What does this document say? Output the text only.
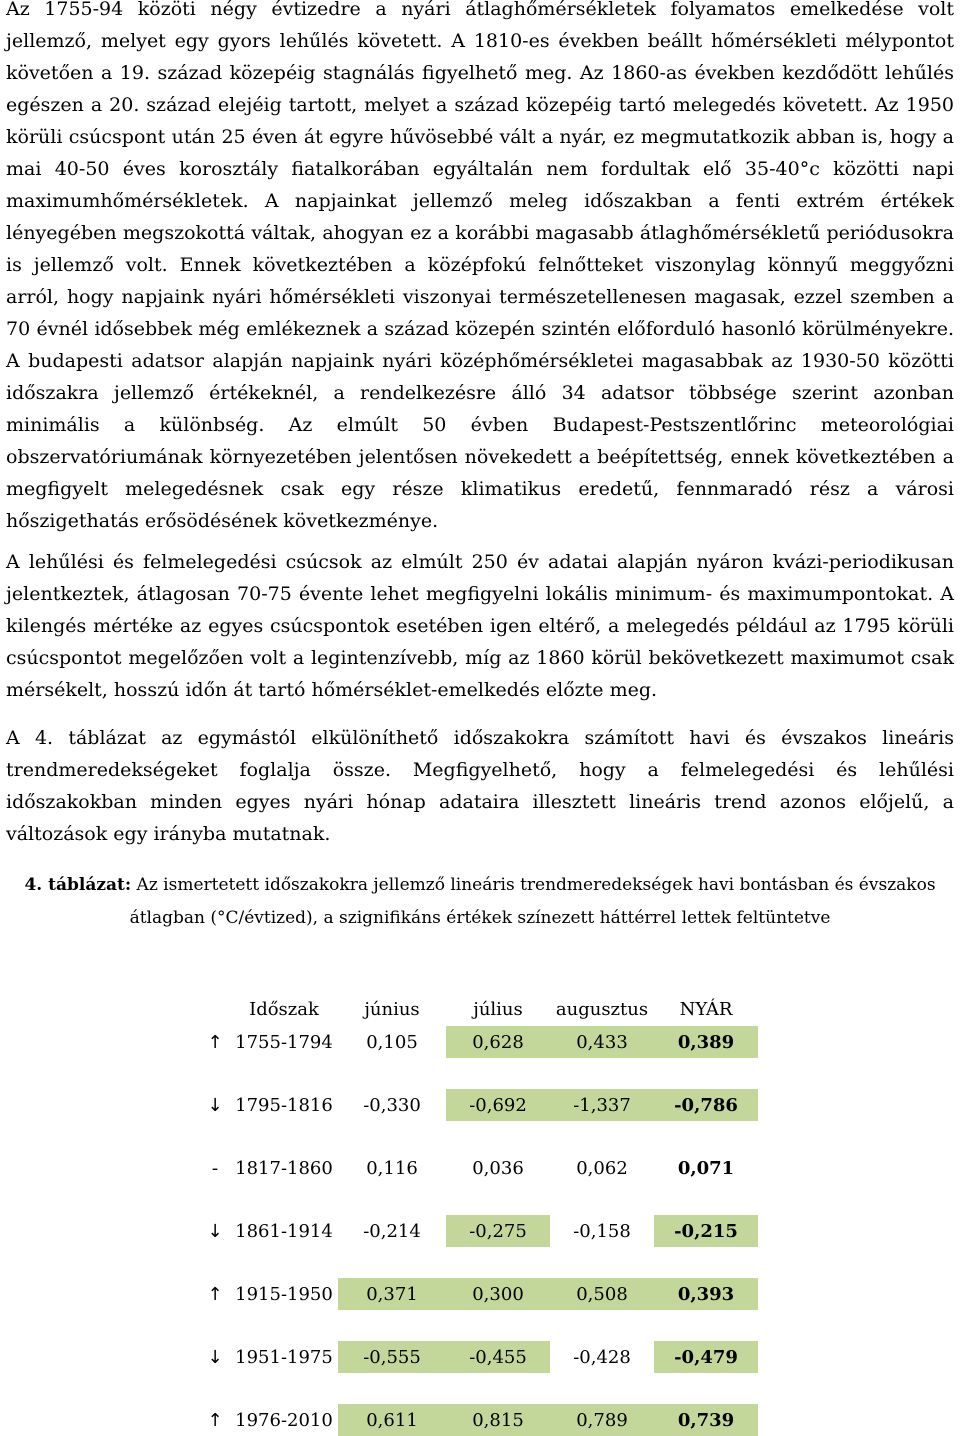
Az 1755-94 közöti négy évtizedre a nyári átlaghőmérsékletek folyamatos emelkedése volt jellemző, melyet egy gyors lehűlés követett. A 1810-es években beállt hőmérsékleti mélypontot követően a 19. század közepéig stagnálás figyelhető meg. Az 1860-as években kezdődött lehűlés egészen a 20. század elejéig tartott, melyet a század közepéig tartó melegedés követett. Az 1950 körüli csúcspont után 25 éven át egyre hűvösebbé vált a nyár, ez megmutatkozik abban is, hogy a mai 40-50 éves korosztály fiatalkorában egyáltalán nem fordultak elő 35-40°c közötti napi maximumhőmérsékletek. A napjainkat jellemző meleg időszakban a fenti extrém értékek lényegében megszokottá váltak, ahogyan ez a korábbi magasabb átlaghőmérsékletű periódusokra is jellemző volt. Ennek következtében a középfokú felnőtteket viszonylag könnyű meggyőzni arról, hogy napjaink nyári hőmérsékleti viszonyai természetellenesen magasak, ezzel szemben a 70 évnél idősebbek még emlékeznek a század közepén szintén előforduló hasonló körülményekre. A budapesti adatsor alapján napjaink nyári középhőmérsékletei magasabbak az 1930-50 közötti időszakra jellemző értékeknél, a rendelkezésre álló 34 adatsor többsége szerint azonban minimális a különbség. Az elmúlt 50 évben Budapest-Pestszentlőrinc meteorológiai obszervatóriumának környezetében jelentősen növekedett a beépítettség, ennek következtében a megfigyelt melegedésnek csak egy része klimatikus eredetű, fennmaradó rész a városi hőszigethatás erősödésének következménye.

A lehűlési és felmelegedési csúcsok az elmúlt 250 év adatai alapján nyáron kvázi-periodikusan jelentkeztek, átlagosan 70-75 évente lehet megfigyelni lokális minimum- és maximumpontokat. A kilengés mértéke az egyes csúcspontok esetében igen eltérő, a melegedés például az 1795 körüli csúcspontot megelőzően volt a legintenzívebb, míg az 1860 körül bekövetkezett maximumot csak mérsékelt, hosszú időn át tartó hőmérséklet-emelkedés előzte meg.

A 4. táblázat az egymástól elkülöníthető időszakokra számított havi és évszakos lineáris trendmeredekségeket foglalja össze. Megfigyelhető, hogy a felmelegedési és lehűlési időszakokban minden egyes nyári hónap adataira illesztett lineáris trend azonos előjelű, a változások egy irányba mutatnak.

4. táblázat: Az ismertetett időszakokra jellemző lineáris trendmeredekségek havi bontásban és évszakos átlagban (°C/évtized), a szignifikáns értékek színezett háttérrel lettek feltüntetve
	Időszak	június	július	augusztus	NYÁR
↑	1755-1794	0,105	0,628	0,433	0,389

↓	1795-1816	-0,330	-0,692	-1,337	-0,786

-	1817-1860	0,116	0,036	0,062	0,071

↓	1861-1914	-0,214	-0,275	-0,158	-0,215

↑	1915-1950	0,371	0,300	0,508	0,393

↓	1951-1975	-0,555	-0,455	-0,428	-0,479

↑	1976-2010	0,611	0,815	0,789	0,739
